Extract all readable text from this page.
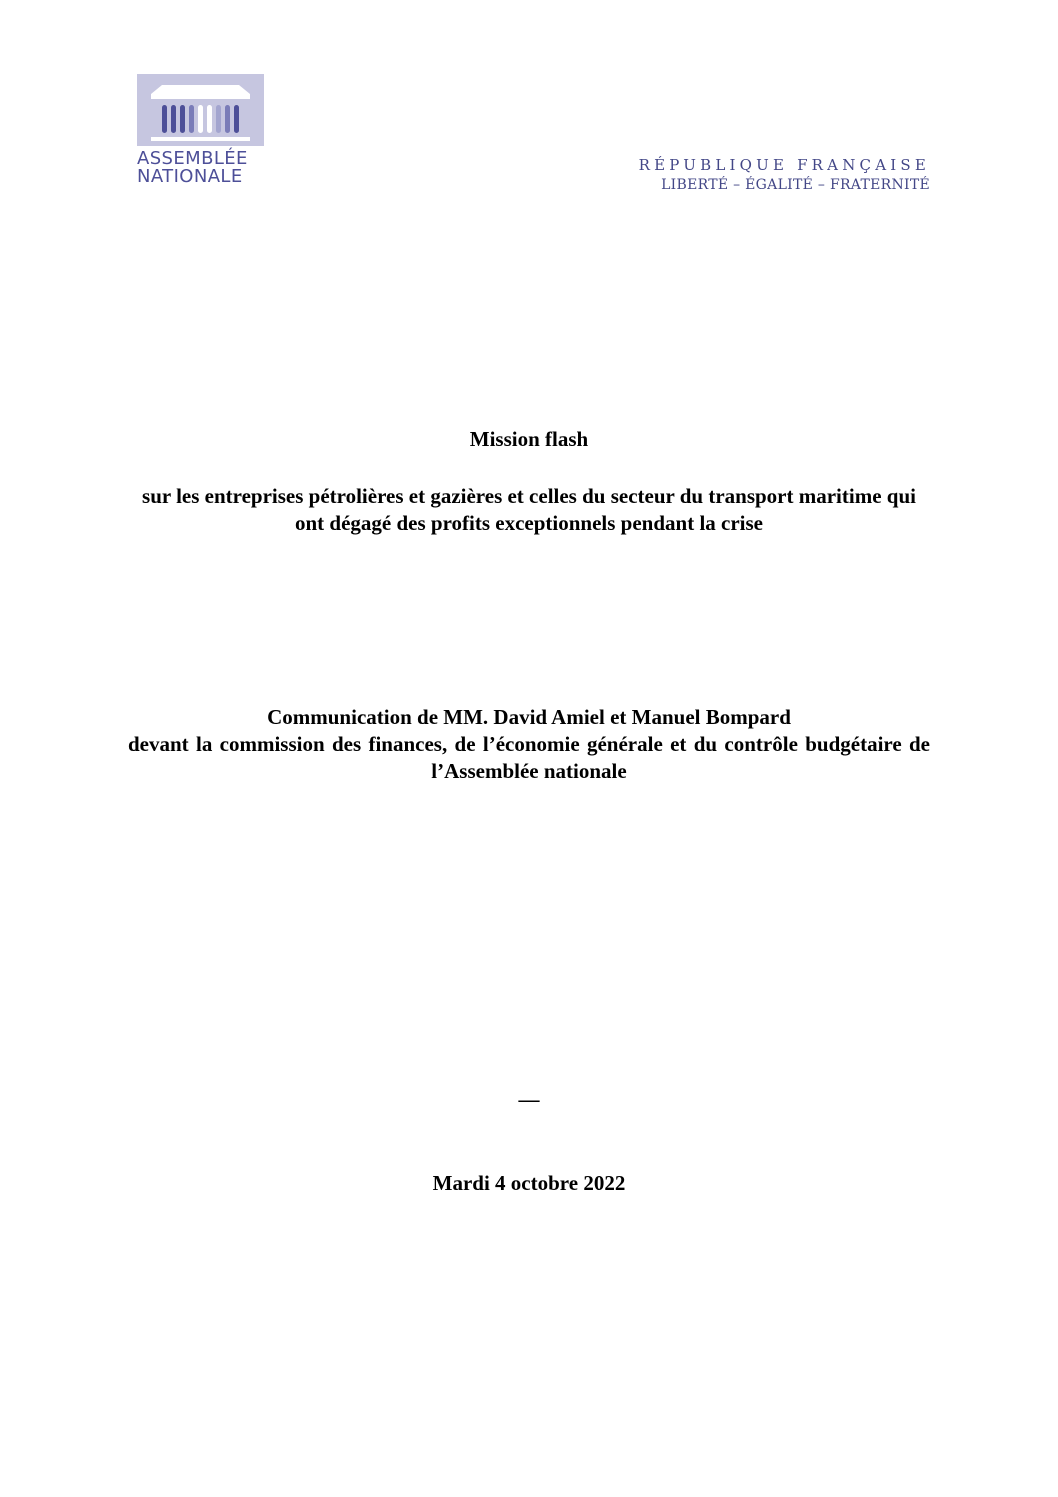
ASSEMBLÉE
NATIONALE
RÉPUBLIQUE FRANÇAISE
LIBERTÉ – ÉGALITÉ – FRATERNITÉ
Mission flash
sur les entreprises pétrolières et gazières et celles du secteur du transport maritime qui ont dégagé des profits exceptionnels pendant la crise
Communication de MM. David Amiel et Manuel Bompard
devant la commission des finances, de l’économie générale et du contrôle budgétaire de l’Assemblée nationale
—
Mardi 4 octobre 2022
